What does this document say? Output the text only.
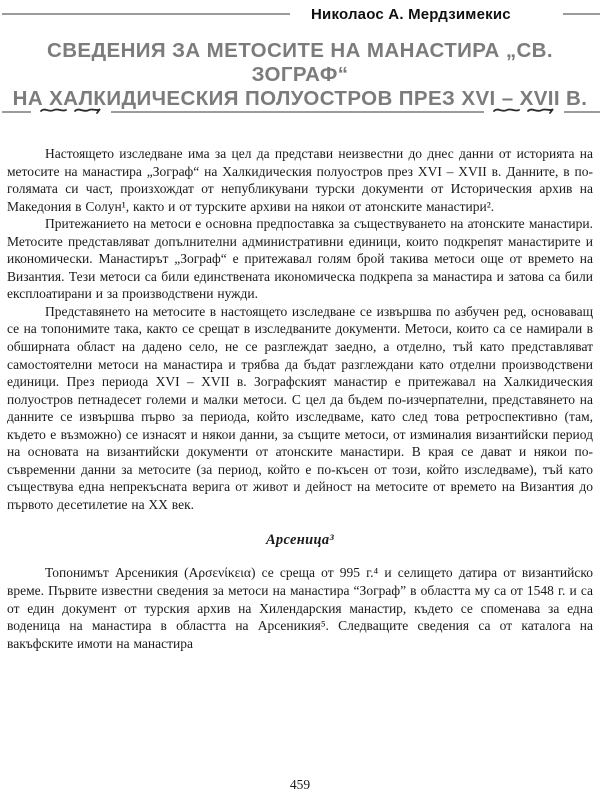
Николаос А. Мердзимекис
СВЕДЕНИЯ ЗА МЕТОСИТЕ НА МАНАСТИРА „СВ. ЗОГРАФ“
НА ХАЛКИДИЧЕСКИЯ ПОЛУОСТРОВ ПРЕЗ XVI – XVII В.

Настоящето изследване има за цел да представи неизвестни до днес данни от историята на метосите на манастира „Зограф“ на Халкидическия полуостров през XVI – XVII в. Данните, в по-голямата си част, произхождат от непубликувани турски документи от Историческия архив на Македония в Солун¹, както и от турските архиви на някои от атонските манастири².

Притежанието на метоси е основна предпоставка за съществуването на атонските манастири. Метосите представляват допълнителни административни единици, които подкрепят манастирите и икономически. Манастирът „Зограф“ е притежавал голям брой такива метоси още от времето на Византия. Тези метоси са били единствената икономическа подкрепа за манастира и затова са били експлоатирани и за производствени нужди.

Представянето на метосите в настоящето изследване се извършва по азбучен ред, основаващ се на топонимите така, както се срещат в изследваните документи. Метоси, които са се намирали в обширната област на дадено село, не се разглеждат заедно, а отделно, тъй като представляват самостоятелни метоси на манастира и трябва да бъдат разглеждани като отделни производствени единици. През периода XVI – XVII в. Зографският манастир е притежавал на Халкидическия полуостров петнадесет големи и малки метоси. С цел да бъдем по-изчерпателни, представянето на данните се извършва първо за периода, който изследваме, като след това ретроспективно (там, където е възможно) се изнасят и някои данни, за същите метоси, от изминалия византийски период на основата на византийски документи от атонските манастири. В края се дават и някои по-съвременни данни за метосите (за период, който е по-късен от този, който изследваме), тъй като съществува една непрекъсната верига от живот и дейност на метосите от времето на Византия до първото десетилетие на XX век.

Арсеница³

Топонимът Арсеникия (Αρσενίκεια) се среща от 995 г.⁴ и селището датира от византийско време. Първите известни сведения за метоси на манастира “Зограф” в областта му са от 1548 г. и са от един документ от турския архив на Хилендарския манастир, където се споменава за една воденица на манастира в областта на Арсеникия⁵. Следващите сведения са от каталога на вакъфските имоти на манастира

459
